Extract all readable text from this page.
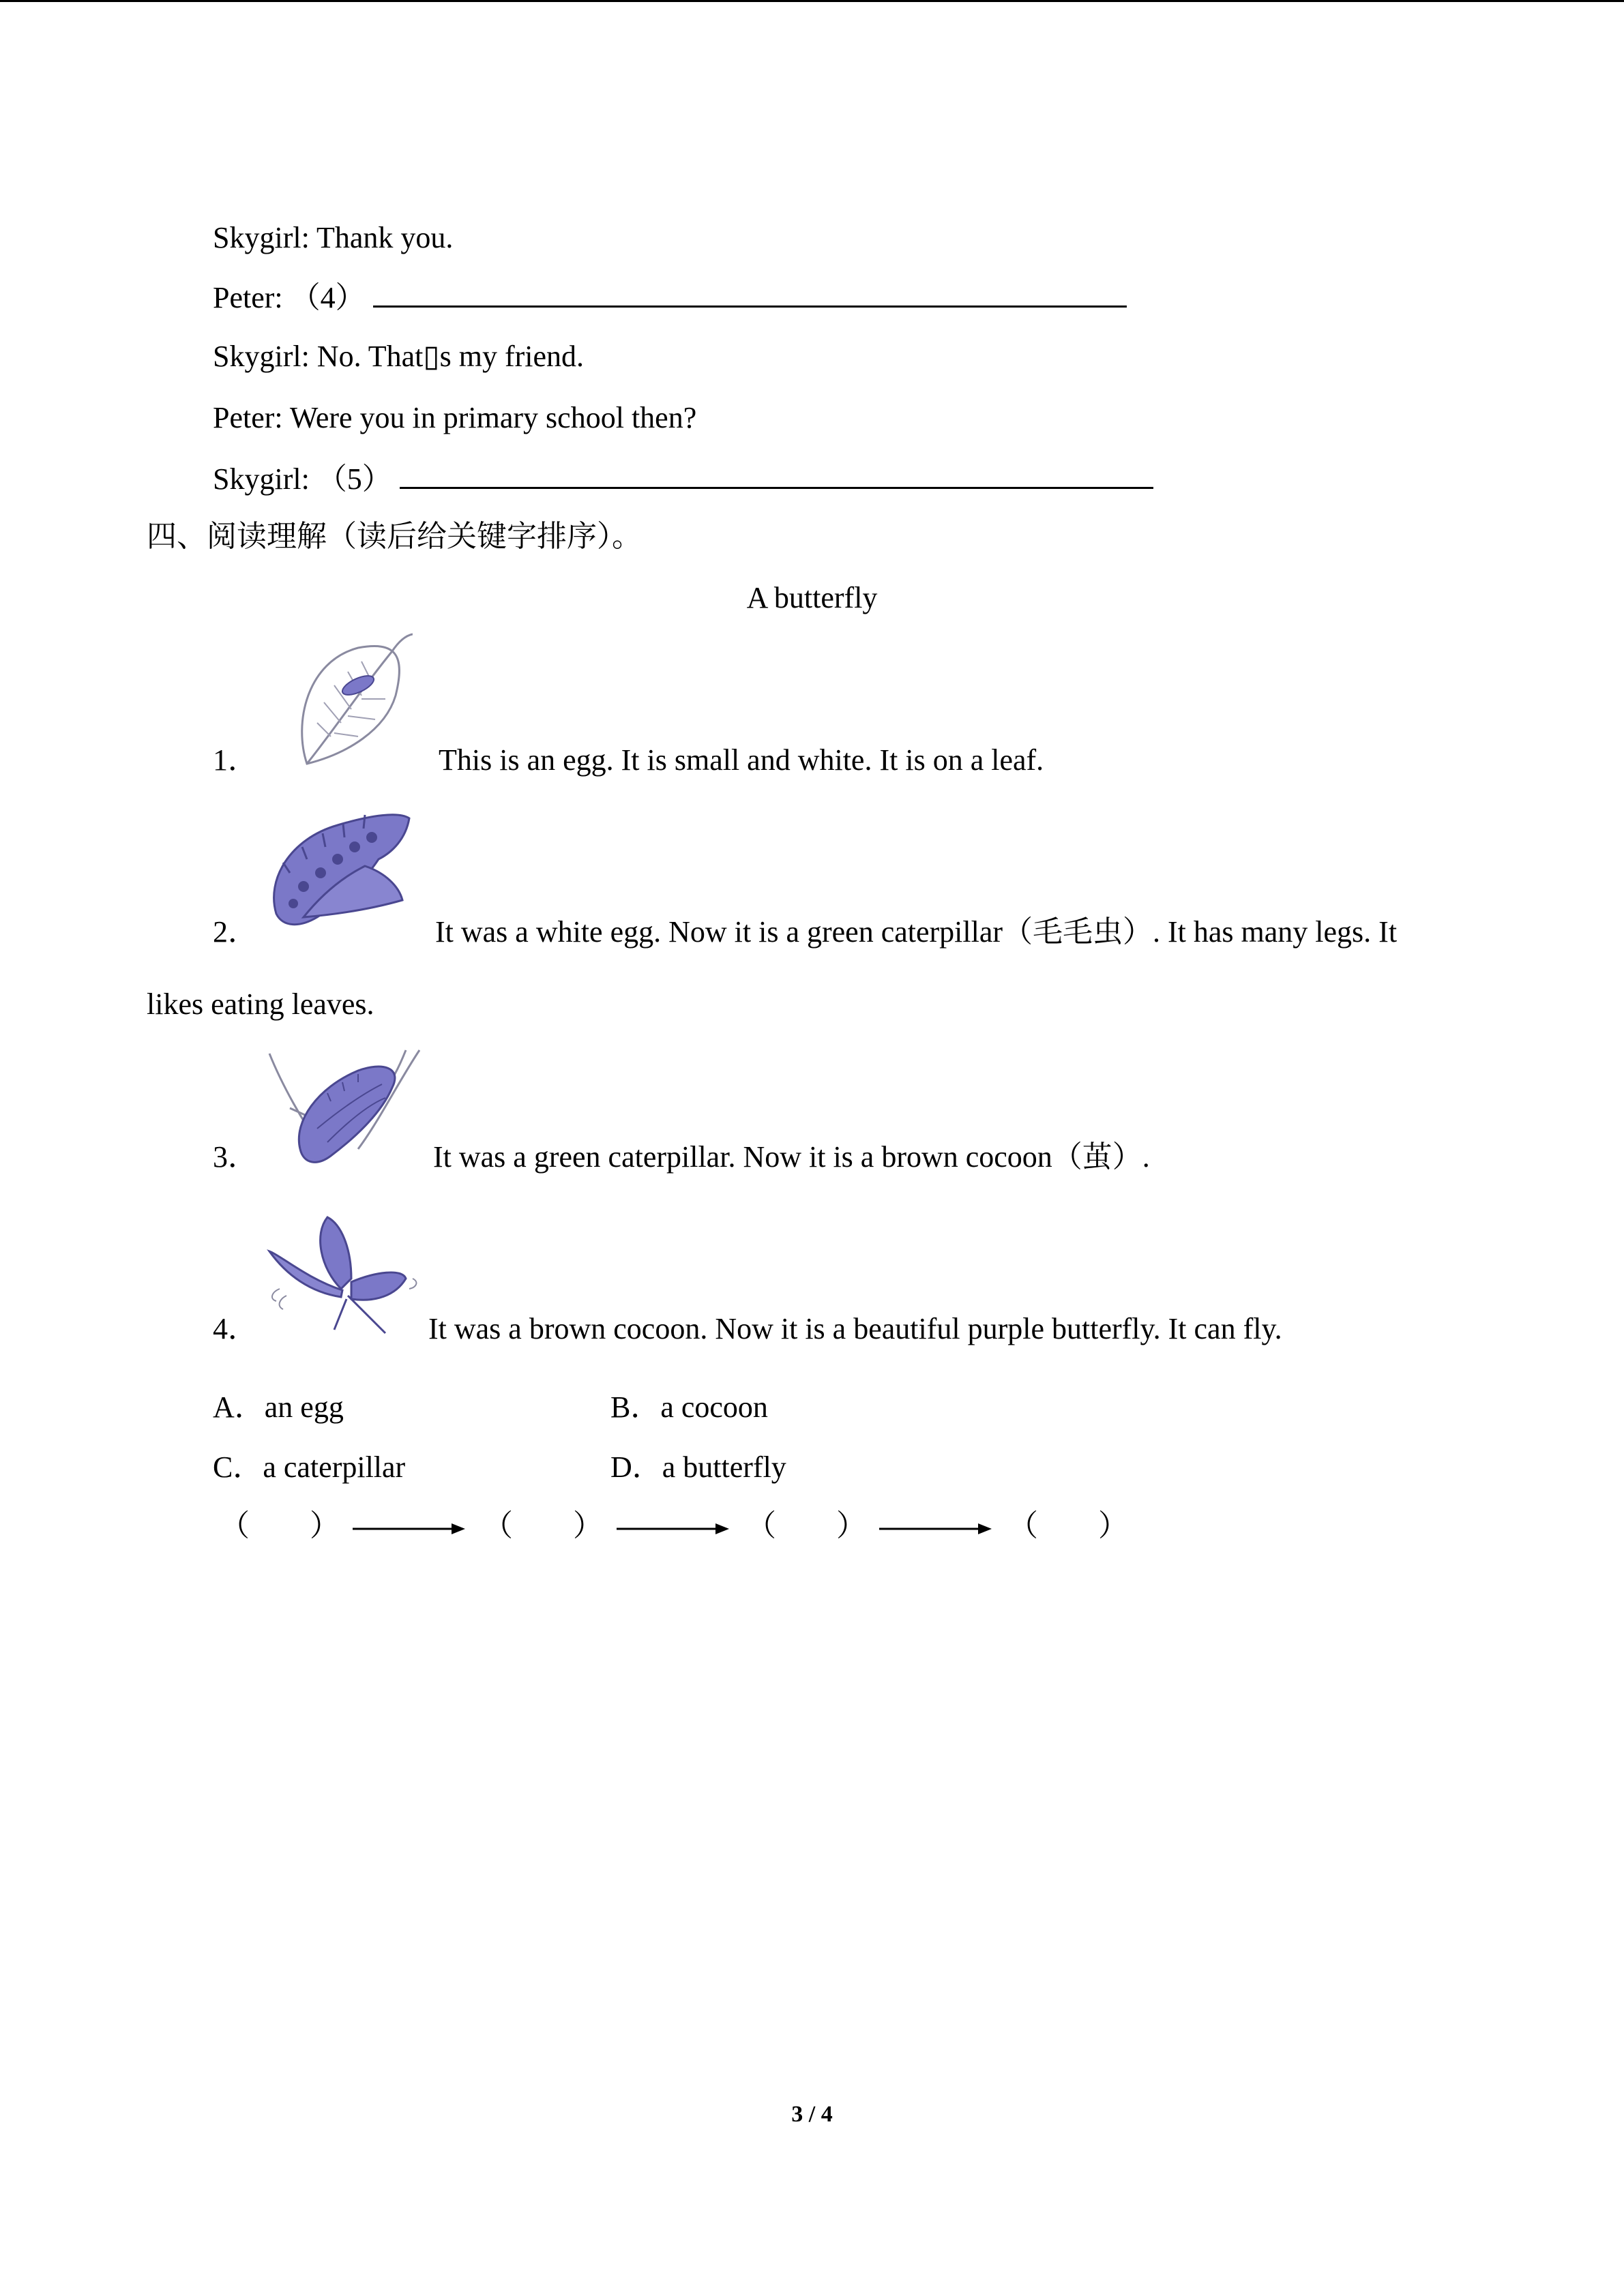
Skygirl: Thank you.
Peter: （4）
Skygirl: No. That▯s my friend.
Peter: Were you in primary school then?
Skygirl: （5）
四、阅读理解（读后给关键字排序）。
A butterfly
1．	This is an egg. It is small and white. It is on a leaf.
2．	It was a white egg. Now it is a green caterpillar（毛毛虫）. It has many legs. It
likes eating leaves.
3．	It was a green caterpillar. Now it is a brown cocoon（茧）.
4．	It was a brown cocoon. Now it is a beautiful purple butterfly. It can fly.
A．an egg	B．a cocoon
C．a caterpillar	D．a butterfly
（　　）	（　　）	（　　）	（　　）
3 / 4
